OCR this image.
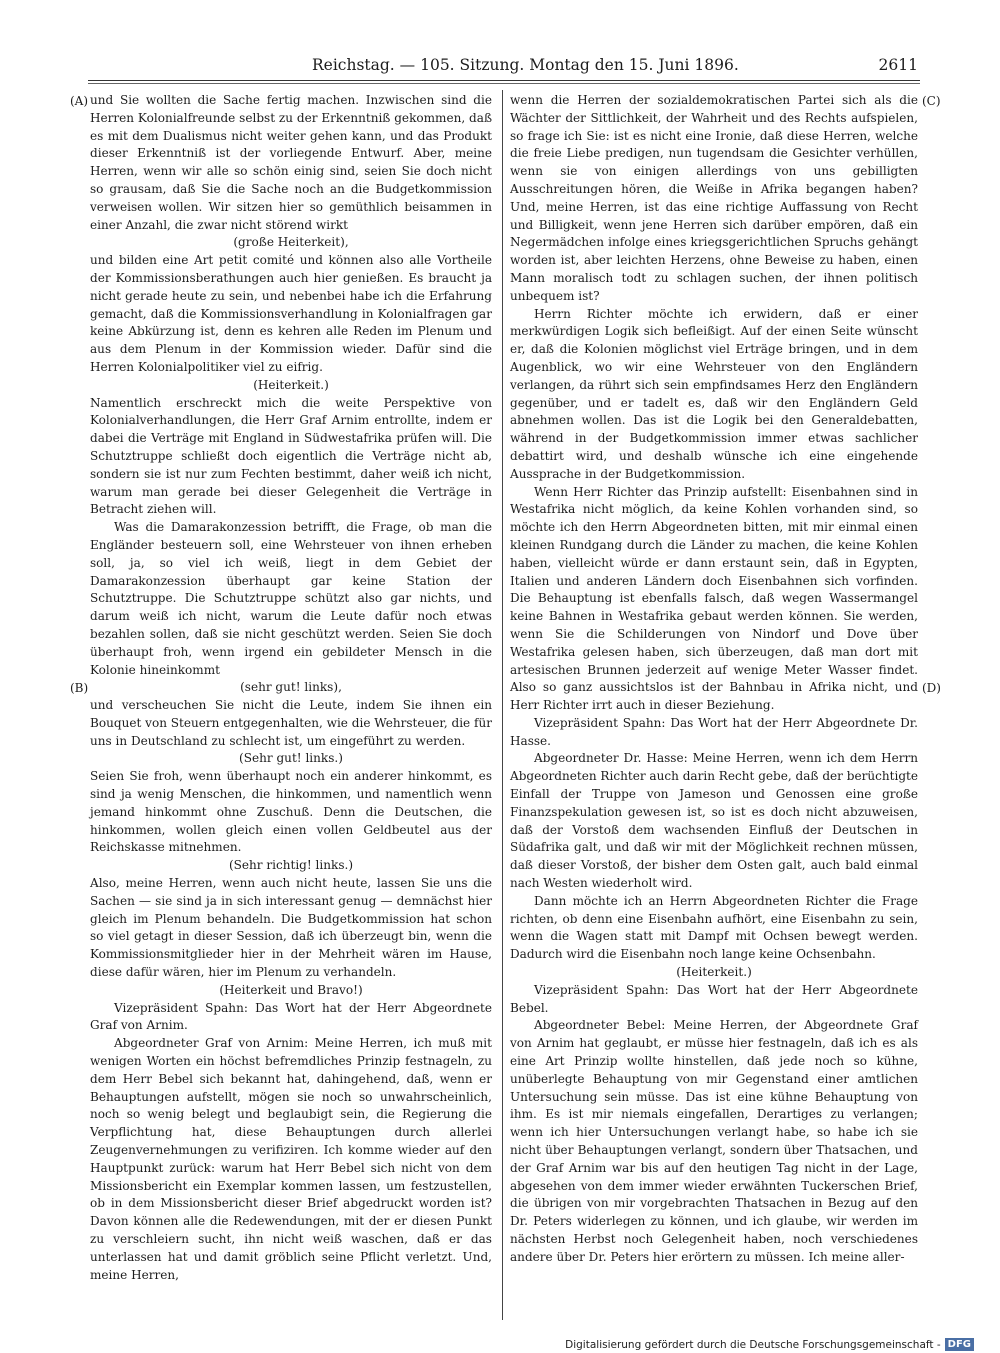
Reichstag. — 105. Sitzung. Montag den 15. Juni 1896.	2611
(A)
(B)
(C)
(D)

und Sie wollten die Sache fertig machen. Inzwischen sind die Herren Kolonialfreunde selbst zu der Erkenntniß gekommen, daß es mit dem Dualismus nicht weiter gehen kann, und das Produkt dieser Erkenntniß ist der vorliegende Entwurf. Aber, meine Herren, wenn wir alle so schön einig sind, seien Sie doch nicht so grausam, daß Sie die Sache noch an die Budgetkommission verweisen wollen. Wir sitzen hier so gemüthlich beisammen in einer Anzahl, die zwar nicht störend wirkt

(große Heiterkeit),

und bilden eine Art petit comité und können also alle Vortheile der Kommissionsberathungen auch hier genießen. Es braucht ja nicht gerade heute zu sein, und nebenbei habe ich die Erfahrung gemacht, daß die Kommissionsverhandlung in Kolonialfragen gar keine Abkürzung ist, denn es kehren alle Reden im Plenum und aus dem Plenum in der Kommission wieder. Dafür sind die Herren Kolonialpolitiker viel zu eifrig.

(Heiterkeit.)

Namentlich erschreckt mich die weite Perspektive von Kolonialverhandlungen, die Herr Graf Arnim entrollte, indem er dabei die Verträge mit England in Südwestafrika prüfen will. Die Schutztruppe schließt doch eigentlich die Verträge nicht ab, sondern sie ist nur zum Fechten bestimmt, daher weiß ich nicht, warum man gerade bei dieser Gelegenheit die Verträge in Betracht ziehen will.

Was die Damarakonzession betrifft, die Frage, ob man die Engländer besteuern soll, eine Wehrsteuer von ihnen erheben soll, ja, so viel ich weiß, liegt in dem Gebiet der Damarakonzession überhaupt gar keine Station der Schutztruppe. Die Schutztruppe schützt also gar nichts, und darum weiß ich nicht, warum die Leute dafür noch etwas bezahlen sollen, daß sie nicht geschützt werden. Seien Sie doch überhaupt froh, wenn irgend ein gebildeter Mensch in die Kolonie hineinkommt

(sehr gut! links),

und verscheuchen Sie nicht die Leute, indem Sie ihnen ein Bouquet von Steuern entgegenhalten, wie die Wehrsteuer, die für uns in Deutschland zu schlecht ist, um eingeführt zu werden.

(Sehr gut! links.)

Seien Sie froh, wenn überhaupt noch ein anderer hinkommt, es sind ja wenig Menschen, die hinkommen, und namentlich wenn jemand hinkommt ohne Zuschuß. Denn die Deutschen, die hinkommen, wollen gleich einen vollen Geldbeutel aus der Reichskasse mitnehmen.

(Sehr richtig! links.)

Also, meine Herren, wenn auch nicht heute, lassen Sie uns die Sachen — sie sind ja in sich interessant genug — demnächst hier gleich im Plenum behandeln. Die Budgetkommission hat schon so viel getagt in dieser Session, daß ich überzeugt bin, wenn die Kommissionsmitglieder hier in der Mehrheit wären im Hause, diese dafür wären, hier im Plenum zu verhandeln.

(Heiterkeit und Bravo!)

Vizepräsident Spahn: Das Wort hat der Herr Abgeordnete Graf von Arnim.

Abgeordneter Graf von Arnim: Meine Herren, ich muß mit wenigen Worten ein höchst befremdliches Prinzip festnageln, zu dem Herr Bebel sich bekannt hat, dahingehend, daß, wenn er Behauptungen aufstellt, mögen sie noch so unwahrscheinlich, noch so wenig belegt und beglaubigt sein, die Regierung die Verpflichtung hat, diese Behauptungen durch allerlei Zeugenvernehmungen zu verifiziren. Ich komme wieder auf den Hauptpunkt zurück: warum hat Herr Bebel sich nicht von dem Missionsbericht ein Exemplar kommen lassen, um festzustellen, ob in dem Missionsbericht dieser Brief abgedruckt worden ist? Davon können alle die Redewendungen, mit der er diesen Punkt zu verschleiern sucht, ihn nicht weiß waschen, daß er das unterlassen hat und damit gröblich seine Pflicht verletzt. Und, meine Herren,

wenn die Herren der sozialdemokratischen Partei sich als die Wächter der Sittlichkeit, der Wahrheit und des Rechts aufspielen, so frage ich Sie: ist es nicht eine Ironie, daß diese Herren, welche die freie Liebe predigen, nun tugendsam die Gesichter verhüllen, wenn sie von einigen allerdings von uns gebilligten Ausschreitungen hören, die Weiße in Afrika begangen haben? Und, meine Herren, ist das eine richtige Auffassung von Recht und Billigkeit, wenn jene Herren sich darüber empören, daß ein Negermädchen infolge eines kriegsgerichtlichen Spruchs gehängt worden ist, aber leichten Herzens, ohne Beweise zu haben, einen Mann moralisch todt zu schlagen suchen, der ihnen politisch unbequem ist?

Herrn Richter möchte ich erwidern, daß er einer merkwürdigen Logik sich befleißigt. Auf der einen Seite wünscht er, daß die Kolonien möglichst viel Erträge bringen, und in dem Augenblick, wo wir eine Wehrsteuer von den Engländern verlangen, da rührt sich sein empfindsames Herz den Engländern gegenüber, und er tadelt es, daß wir den Engländern Geld abnehmen wollen. Das ist die Logik bei den Generaldebatten, während in der Budgetkommission immer etwas sachlicher debattirt wird, und deshalb wünsche ich eine eingehende Aussprache in der Budgetkommission.

Wenn Herr Richter das Prinzip aufstellt: Eisenbahnen sind in Westafrika nicht möglich, da keine Kohlen vorhanden sind, so möchte ich den Herrn Abgeordneten bitten, mit mir einmal einen kleinen Rundgang durch die Länder zu machen, die keine Kohlen haben, vielleicht würde er dann erstaunt sein, daß in Egypten, Italien und anderen Ländern doch Eisenbahnen sich vorfinden. Die Behauptung ist ebenfalls falsch, daß wegen Wassermangel keine Bahnen in Westafrika gebaut werden können. Sie werden, wenn Sie die Schilderungen von Nindorf und Dove über Westafrika gelesen haben, sich überzeugen, daß man dort mit artesischen Brunnen jederzeit auf wenige Meter Wasser findet. Also so ganz aussichtslos ist der Bahnbau in Afrika nicht, und Herr Richter irrt auch in dieser Beziehung.

Vizepräsident Spahn: Das Wort hat der Herr Abgeordnete Dr. Hasse.

Abgeordneter Dr. Hasse: Meine Herren, wenn ich dem Herrn Abgeordneten Richter auch darin Recht gebe, daß der berüchtigte Einfall der Truppe von Jameson und Genossen eine große Finanzspekulation gewesen ist, so ist es doch nicht abzuweisen, daß der Vorstoß dem wachsenden Einfluß der Deutschen in Südafrika galt, und daß wir mit der Möglichkeit rechnen müssen, daß dieser Vorstoß, der bisher dem Osten galt, auch bald einmal nach Westen wiederholt wird.

Dann möchte ich an Herrn Abgeordneten Richter die Frage richten, ob denn eine Eisenbahn aufhört, eine Eisenbahn zu sein, wenn die Wagen statt mit Dampf mit Ochsen bewegt werden. Dadurch wird die Eisenbahn noch lange keine Ochsenbahn.

(Heiterkeit.)

Vizepräsident Spahn: Das Wort hat der Herr Abgeordnete Bebel.

Abgeordneter Bebel: Meine Herren, der Abgeordnete Graf von Arnim hat geglaubt, er müsse hier festnageln, daß ich es als eine Art Prinzip wollte hinstellen, daß jede noch so kühne, unüberlegte Behauptung von mir Gegenstand einer amtlichen Untersuchung sein müsse. Das ist eine kühne Behauptung von ihm. Es ist mir niemals eingefallen, Derartiges zu verlangen; wenn ich hier Untersuchungen verlangt habe, so habe ich sie nicht über Behauptungen verlangt, sondern über Thatsachen, und der Graf Arnim war bis auf den heutigen Tag nicht in der Lage, abgesehen von dem immer wieder erwähnten Tuckerschen Brief, die übrigen von mir vorgebrachten Thatsachen in Bezug auf den Dr. Peters widerlegen zu können, und ich glaube, wir werden im nächsten Herbst noch Gelegenheit haben, noch verschiedenes andere über Dr. Peters hier erörtern zu müssen. Ich meine aller-

Digitalisierung gefördert durch die Deutsche Forschungsgemeinschaft - DFG
